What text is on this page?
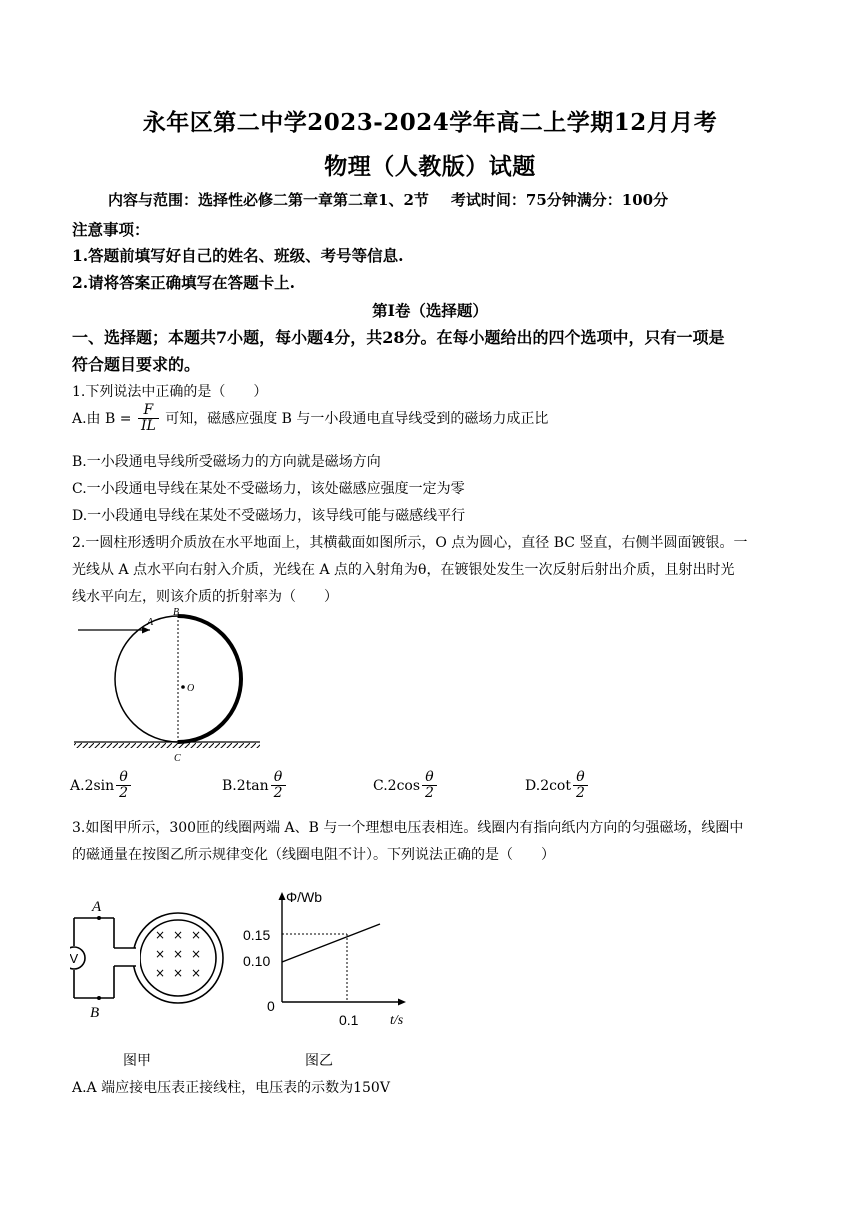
永年区第二中学2023-2024学年高二上学期12月月考
物理（人教版）试题
内容与范围：选择性必修二第一章第二章1、2节 考试时间：75分钟满分：100分
注意事项：
1.答题前填写好自己的姓名、班级、考号等信息.
2.请将答案正确填写在答题卡上.
第Ⅰ卷（选择题）
一、选择题；本题共7小题，每小题4分，共28分。在每小题给出的四个选项中，只有一项是
符合题目要求的。
1.下列说法中正确的是（　　）
A.由 $B = \frac{F}{IL}$ 可知，磁感应强度 B 与一小段通电直导线受到的磁场力成正比
B.一小段通电导线所受磁场力的方向就是磁场方向
C.一小段通电导线在某处不受磁场力，该处磁感应强度一定为零
D.一小段通电导线在某处不受磁场力，该导线可能与磁感线平行
2.一圆柱形透明介质放在水平地面上，其横截面如图所示，O 点为圆心，直径 BC 竖直，右侧半圆面镀银。一
光线从 A 点水平向右射入介质，光线在 A 点的入射角为θ，在镀银处发生一次反射后射出介质，且射出时光
线水平向左，则该介质的折射率为（　　）
A
B
O
C
$A.2\sin \frac{\theta}{2}$	$B.2\tan \frac{\theta}{2}$	$C.2\cos \frac{\theta}{2}$	$D.2\cot \frac{\theta}{2}$
3.如图甲所示，300匝的线圈两端 A、B 与一个理想电压表相连。线圈内有指向纸内方向的匀强磁场，线圈中
的磁通量在按图乙所示规律变化（线圈电阻不计）。下列说法正确的是（　　）
V
A
B
× × ×
× × ×
× × ×
Φ/Wb
t/s
0.15
0.10
0
0.1
图甲	图乙
A.A 端应接电压表正接线柱，电压表的示数为150V
